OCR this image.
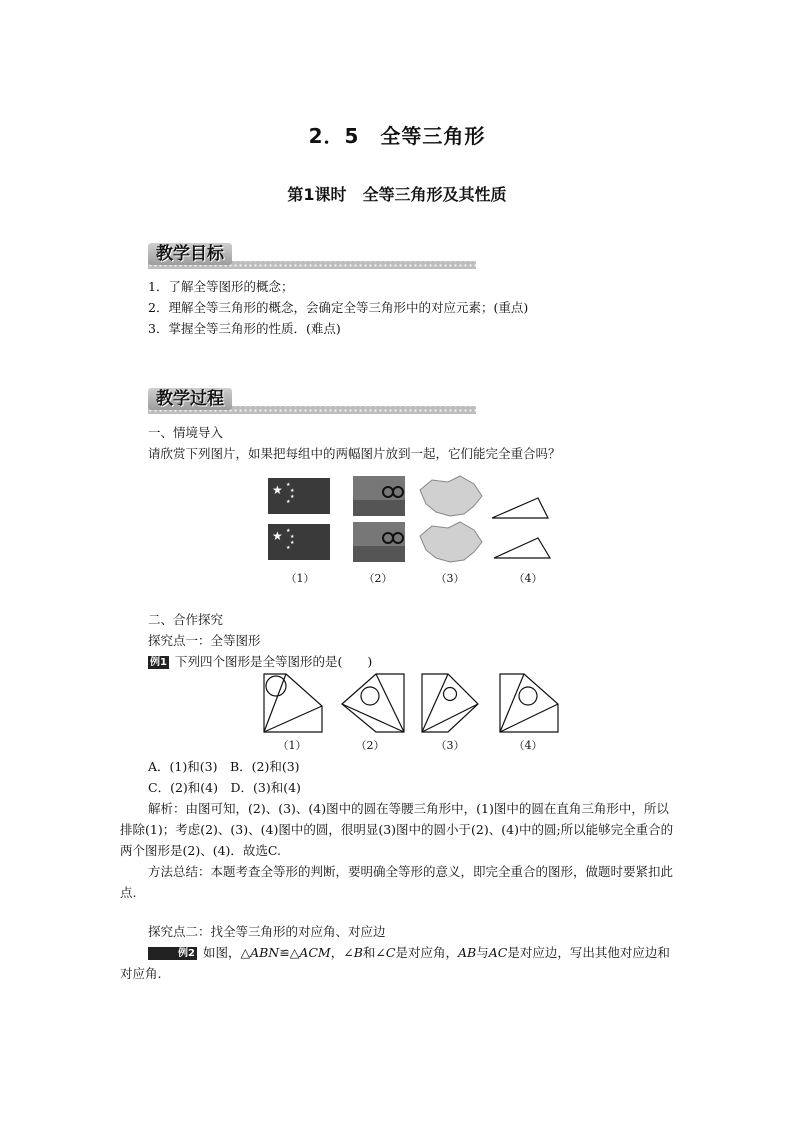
2．5　全等三角形
第1课时　全等三角形及其性质
教学目标
1．了解全等图形的概念；
2．理解全等三角形的概念，会确定全等三角形中的对应元素；(重点)
3．掌握全等三角形的性质．(难点)
教学过程
一、情境导入
请欣赏下列图片，如果把每组中的两幅图片放到一起，它们能完全重合吗？
★ ★
★
★
★
★ ★
★
★
★
（1）	（2）	（3）	（4）
二、合作探究
探究点一：全等图形
例1 下列四个图形是全等图形的是(　　)
（1）	（2）	（3）	（4）
A．(1)和(3)　B．(2)和(3)
C．(2)和(4)　D．(3)和(4)
解析：由图可知，(2)、(3)、(4)图中的圆在等腰三角形中，(1)图中的圆在直角三角形中，所以排除(1)；考虑(2)、(3)、(4)图中的圆，很明显(3)图中的圆小于(2)、(4)中的圆;所以能够完全重合的两个图形是(2)、(4)．故选C.
方法总结：本题考查全等形的判断，要明确全等形的意义，即完全重合的图形，做题时要紧扣此点.
探究点二：找全等三角形的对应角、对应边
例2 如图，△ABN≌△ACM，∠B和∠C是对应角，AB与AC是对应边，写出其他对应边和对应角.
